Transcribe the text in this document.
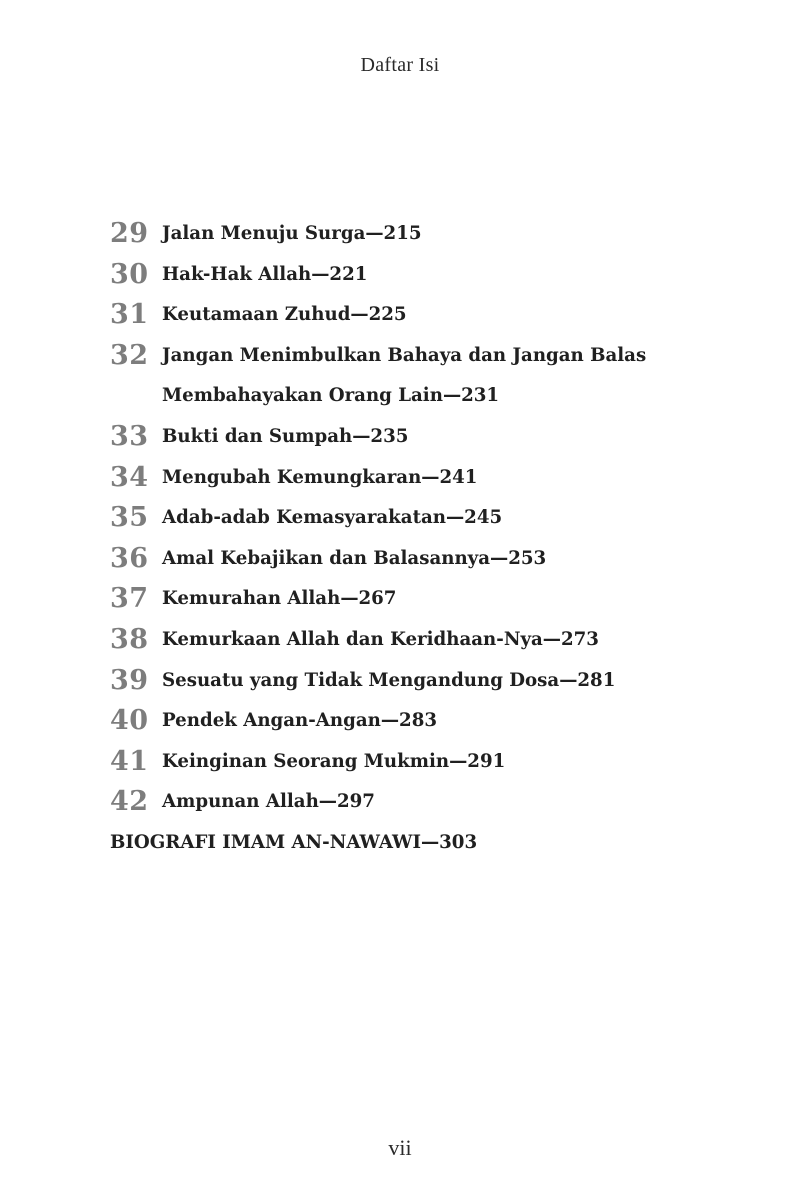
Daftar Isi
29 Jalan Menuju Surga—215
30 Hak-Hak Allah—221
31 Keutamaan Zuhud—225
32 Jangan Menimbulkan Bahaya dan Jangan Balas
Membahayakan Orang Lain—231
33 Bukti dan Sumpah—235
34 Mengubah Kemungkaran—241
35 Adab-adab Kemasyarakatan—245
36 Amal Kebajikan dan Balasannya—253
37 Kemurahan Allah—267
38 Kemurkaan Allah dan Keridhaan-Nya—273
39 Sesuatu yang Tidak Mengandung Dosa—281
40 Pendek Angan-Angan—283
41 Keinginan Seorang Mukmin—291
42 Ampunan Allah—297
BIOGRAFI IMAM AN-NAWAWI—303
vii
